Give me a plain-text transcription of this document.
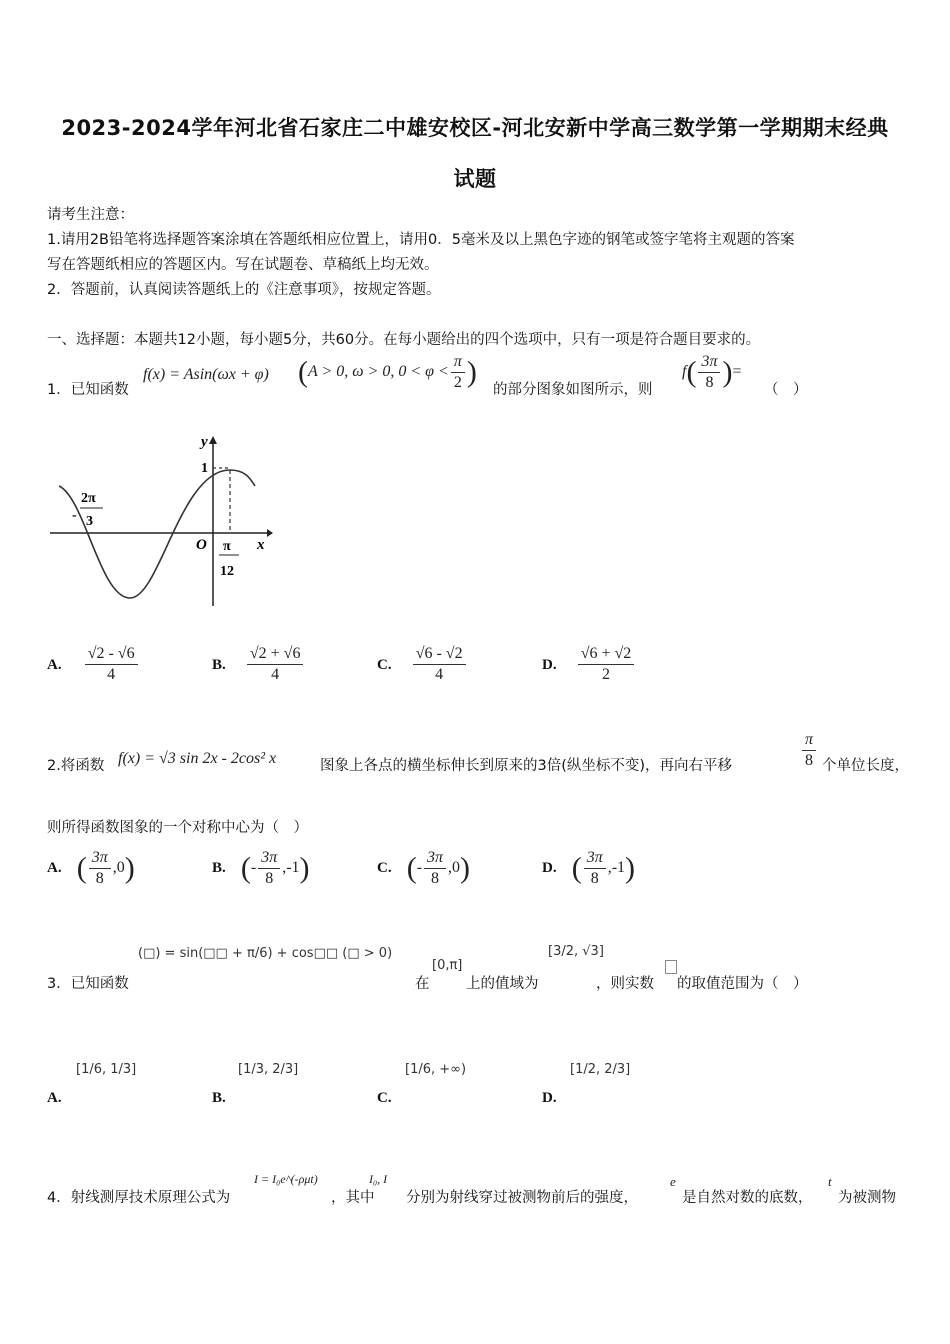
2023-2024学年河北省石家庄二中雄安校区-河北安新中学高三数学第一学期期末经典
试题
请考生注意：
1.请用2B铅笔将选择题答案涂填在答题纸相应位置上，请用0．5毫米及以上黑色字迹的钢笔或签字笔将主观题的答案
写在答题纸相应的答题区内。写在试题卷、草稿纸上均无效。
2．答题前，认真阅读答题纸上的《注意事项》，按规定答题。
一、选择题：本题共12小题，每小题5分，共60分。在每小题给出的四个选项中，只有一项是符合题目要求的。
1．已知函数
f(x) = Asin(ωx + φ) (A > 0, ω > 0, $0 < \varphi < \frac{\pi}{2}$ )
的部分图象如图所示，则
$f( \frac{3\pi}{8}$ )=
（　）
y
x
O
1
-
2π
3
π
12
A. $\frac{√2 - √6}{4}$	B. $\frac{√2 + √6}{4}$	C. $\frac{√6 - √2}{4}$	D. $\frac{√6 + √2}{2}$
2.将函数 f(x) = √3 sin 2x - 2cos² x	图象上各点的横坐标伸长到原来的3倍(纵坐标不变)，再向右平移	$\frac{\pi}{8}$ 个单位长度，
则所得函数图象的一个对称中心为（　）
A. ( $\frac{3\pi}{8} ,0$)	B. (- $\frac{3\pi}{8} ,-1$)	C. (- $\frac{3\pi}{8} ,0$)	D. ( $\frac{3\pi}{8} ,-1$)
(□) = sin(□□ + π/6) + cos□□ (□ > 0)
3．已知函数	在
[0,π]
上的值域为
[3/2, √3]
，则实数 的取值范围为（　）
[1/6, 1/3]
A.
[1/3, 2/3]
B.
[1/6, +∞)
C.
[1/2, 2/3]
D.
4．射线测厚技术原理公式为
I = I₀e^(-ρμt)
，其中
I₀, I
分别为射线穿过被测物前后的强度，
e
是自然对数的底数，
t
为被测物
